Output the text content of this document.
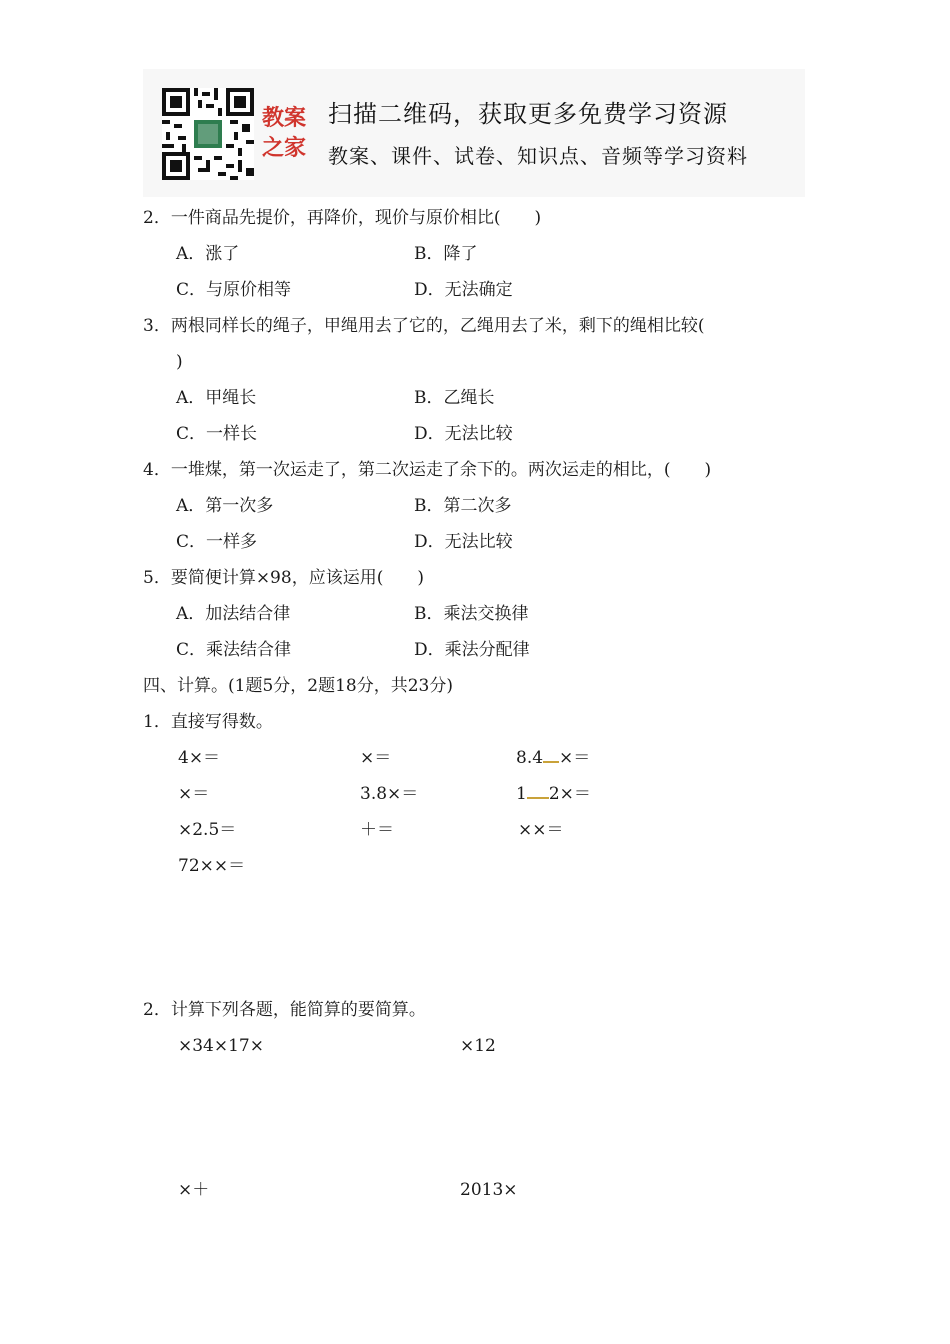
教案
之家
扫描二维码，获取更多免费学习资源
教案、课件、试卷、知识点、音频等学习资料
2．一件商品先提价，再降价，现价与原价相比(　　)
A．涨了	B．降了
C．与原价相等	D．无法确定
3．两根同样长的绳子，甲绳用去了它的，乙绳用去了米，剩下的绳相比较(
)
A．甲绳长	B．乙绳长
C．一样长	D．无法比较
4．一堆煤，第一次运走了，第二次运走了余下的。两次运走的相比，(　　)
A．第一次多	B．第二次多
C．一样多	D．无法比较
5．要简便计算×98，应该运用(　　)
A．加法结合律	B．乘法交换律
C．乘法结合律	D．乘法分配律
四、计算。(1题5分，2题18分，共23分)
1．直接写得数。
4×＝	×＝	8.4 ×＝
×＝	3.8×＝	1 2×＝
×2.5＝	＋＝	××＝
72××＝
2．计算下列各题，能简算的要简算。
×34×17×	×12
×＋	2013×
